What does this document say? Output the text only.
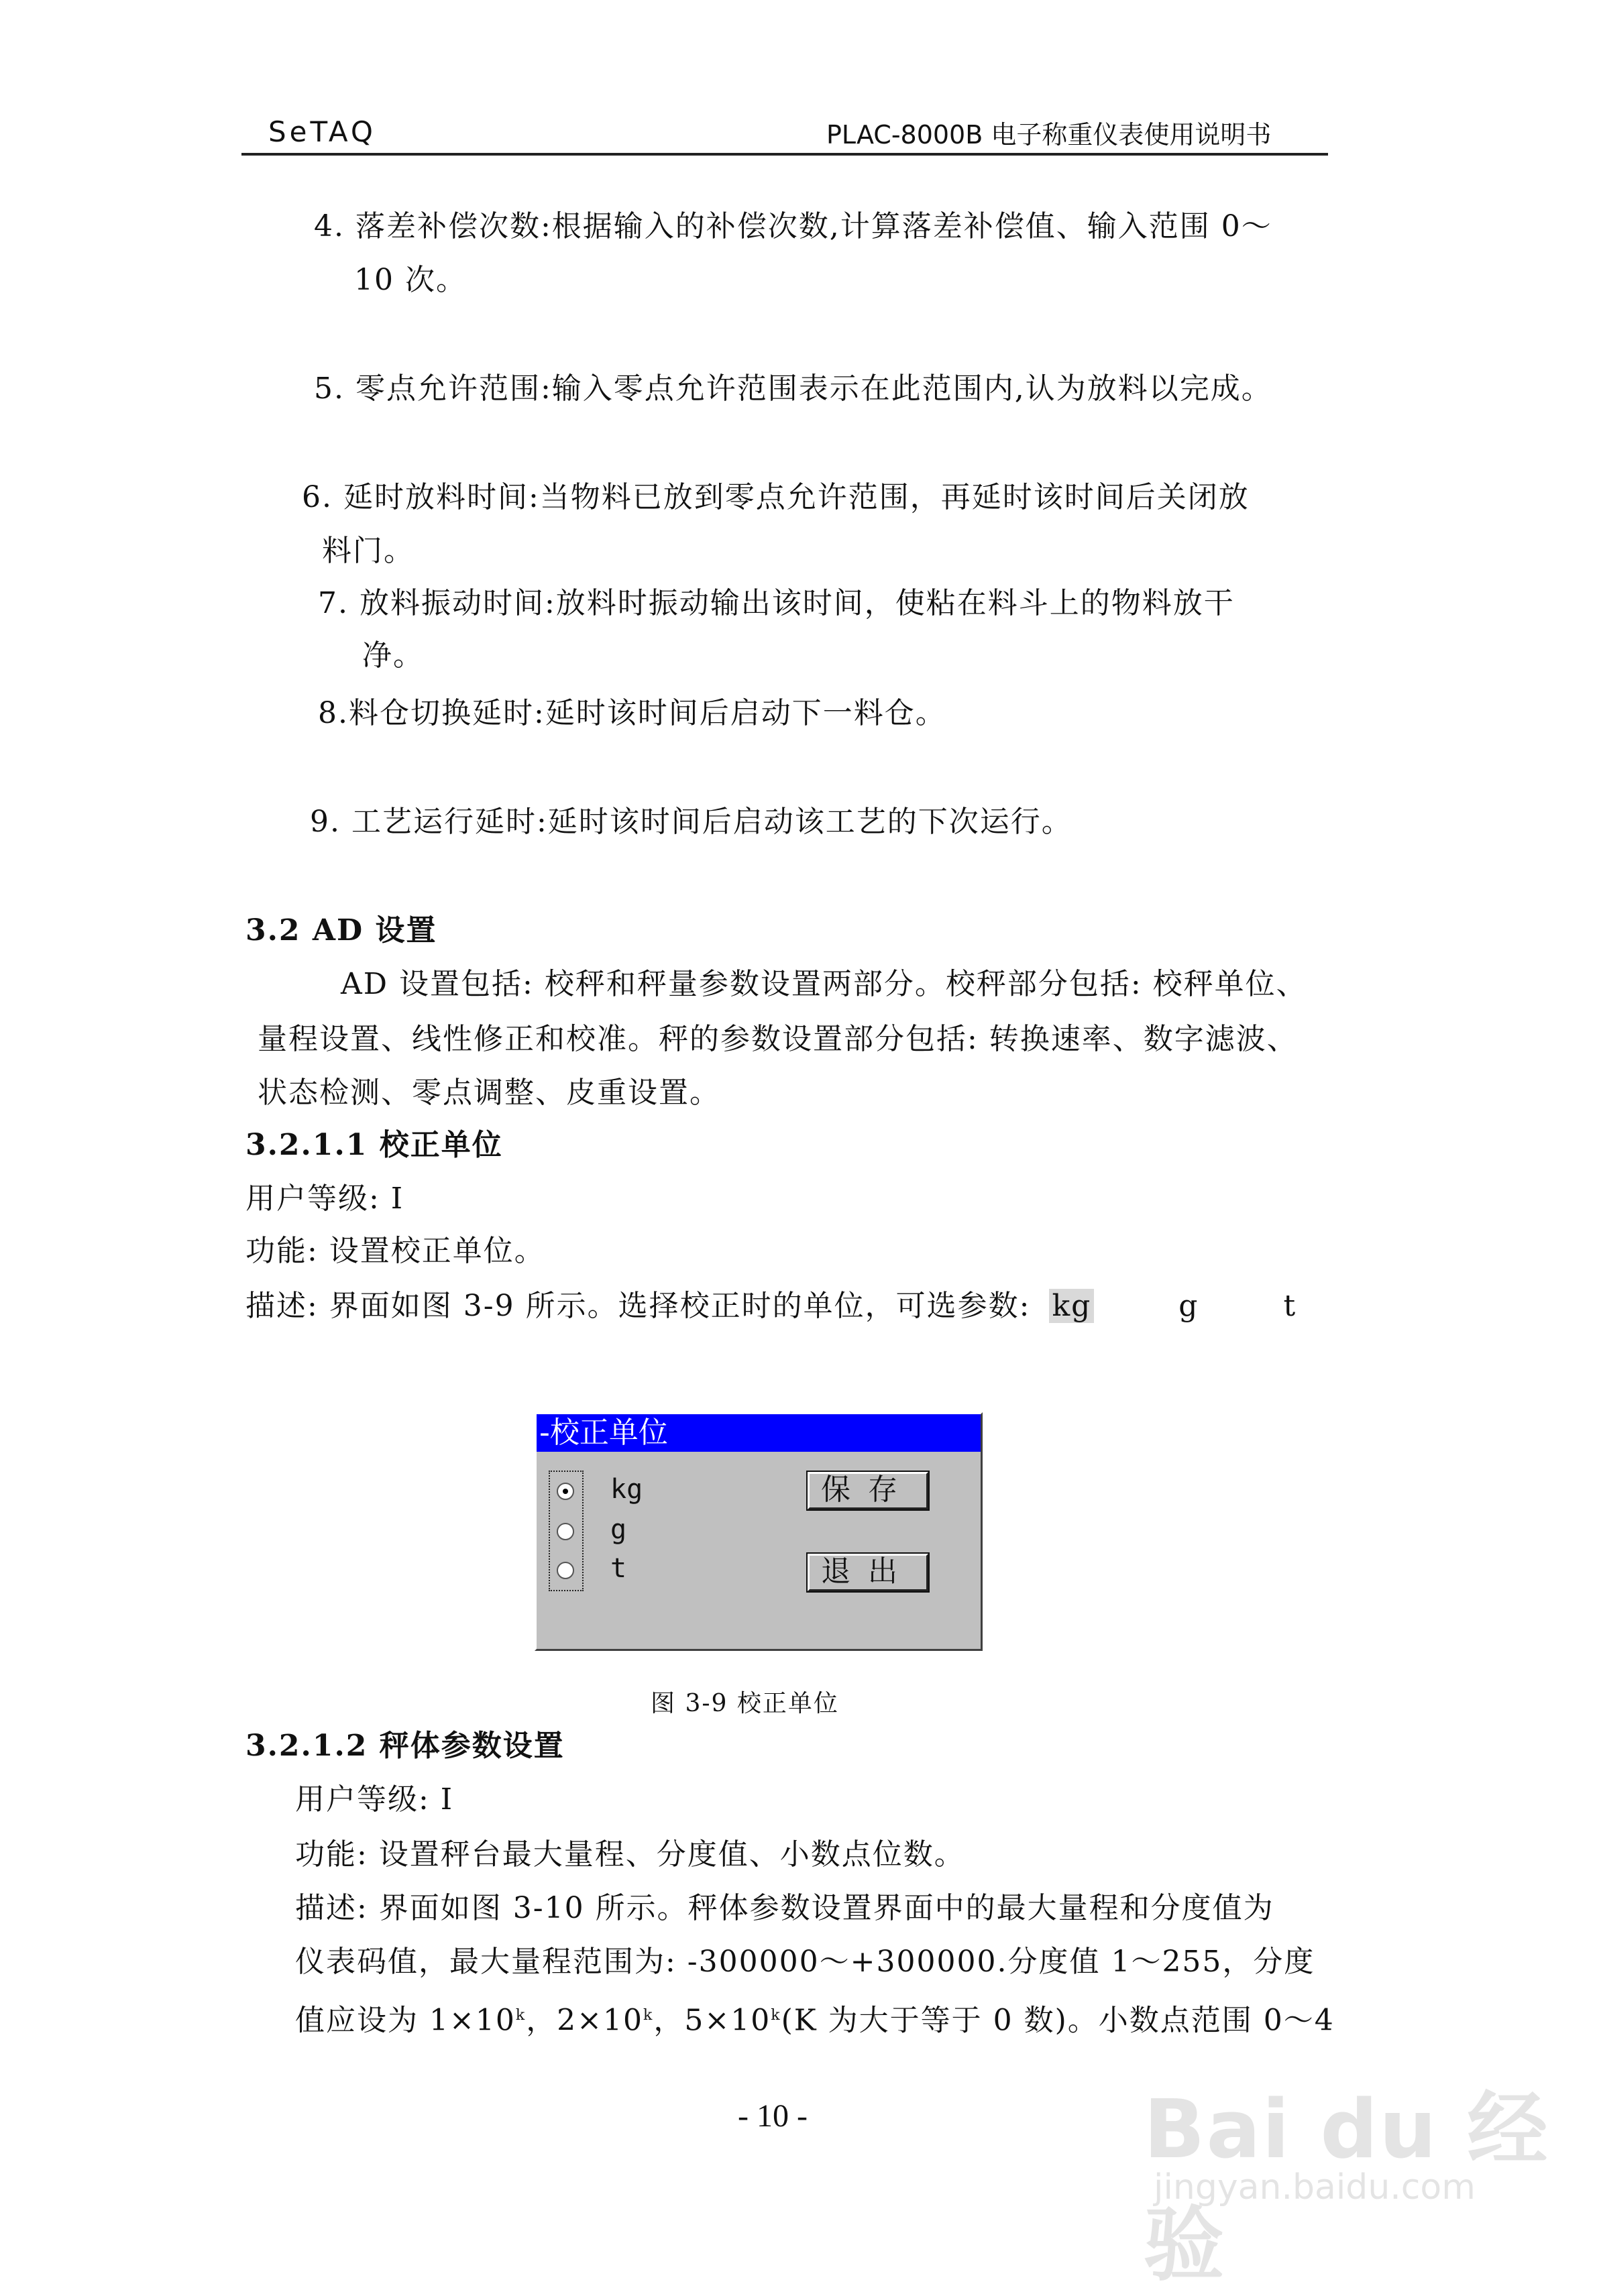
SeTAQ	PLAC-8000B 电子称重仪表使用说明书
4. 落差补偿次数:根据输入的补偿次数,计算落差补偿值、输入范围 0～
10 次。
5. 零点允许范围:输入零点允许范围表示在此范围内,认为放料以完成。
6. 延时放料时间:当物料已放到零点允许范围，再延时该时间后关闭放
料门。
7. 放料振动时间:放料时振动输出该时间，使粘在料斗上的物料放干
净。
8.料仓切换延时:延时该时间后启动下一料仓。
9. 工艺运行延时:延时该时间后启动该工艺的下次运行。
3.2 AD 设置
AD 设置包括: 校秤和秤量参数设置两部分。校秤部分包括: 校秤单位、
量程设置、线性修正和校准。秤的参数设置部分包括: 转换速率、数字滤波、
状态检测、零点调整、皮重设置。
3.2.1.1 校正单位
用户等级: I
功能: 设置校正单位。
描述: 界面如图 3-9 所示。选择校正时的单位，可选参数: kg	g	t
-校正单位
kg
g
t
保存
退出
图 3-9 校正单位
3.2.1.2 秤体参数设置
用户等级: I
功能: 设置秤台最大量程、分度值、小数点位数。
描述: 界面如图 3-10 所示。秤体参数设置界面中的最大量程和分度值为
仪表码值，最大量程范围为: -300000～+300000.分度值 1～255，分度
值应设为 $1\times 10^k$，$2\times 10^k$，$5\times 10^k(K$ 为大于等于 0 数)。小数点范围 0～4
- 10 -	Bai du 经验
jingyan.baidu.com
